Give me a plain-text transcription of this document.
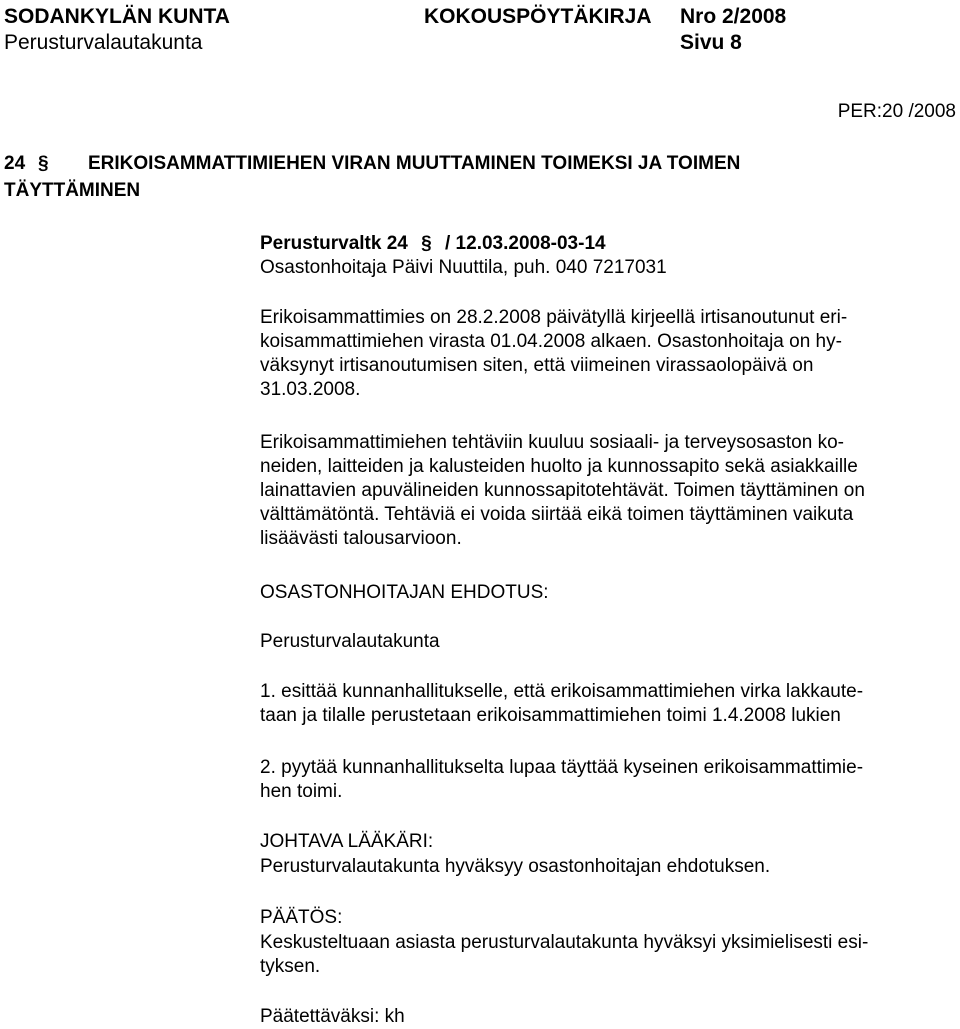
SODANKYLÄN KUNTA	KOKOUSPÖYTÄKIRJA Nro 2/2008
Perusturvalautakunta	Sivu 8
PER:20 /2008
24 § ERIKOISAMMATTIMIEHEN VIRAN MUUTTAMINEN TOIMEKSI JA TOIMEN
TÄYTTÄMINEN
Perusturvaltk 24 § / 12.03.2008-03-14
Osastonhoitaja Päivi Nuuttila, puh. 040 7217031
Erikoisammattimies on 28.2.2008 päivätyllä kirjeellä irtisanoutunut eri-
koisammattimiehen virasta 01.04.2008 alkaen. Osastonhoitaja on hy-
väksynyt irtisanoutumisen siten, että viimeinen virassaolopäivä on
31.03.2008.
Erikoisammattimiehen tehtäviin kuuluu sosiaali- ja terveysosaston ko-
neiden, laitteiden ja kalusteiden huolto ja kunnossapito sekä asiakkaille
lainattavien apuvälineiden kunnossapitotehtävät. Toimen täyttäminen on
välttämätöntä. Tehtäviä ei voida siirtää eikä toimen täyttäminen vaikuta
lisäävästi talousarvioon.
OSASTONHOITAJAN EHDOTUS:
Perusturvalautakunta
1. esittää kunnanhallitukselle, että erikoisammattimiehen virka lakkaute-
taan ja tilalle perustetaan erikoisammattimiehen toimi 1.4.2008 lukien
2. pyytää kunnanhallitukselta lupaa täyttää kyseinen erikoisammattimie-
hen toimi.
JOHTAVA LÄÄKÄRI:
Perusturvalautakunta hyväksyy osastonhoitajan ehdotuksen.
PÄÄTÖS:
Keskusteltuaan asiasta perusturvalautakunta hyväksyi yksimielisesti esi-
tyksen.
Päätettäväksi: kh
